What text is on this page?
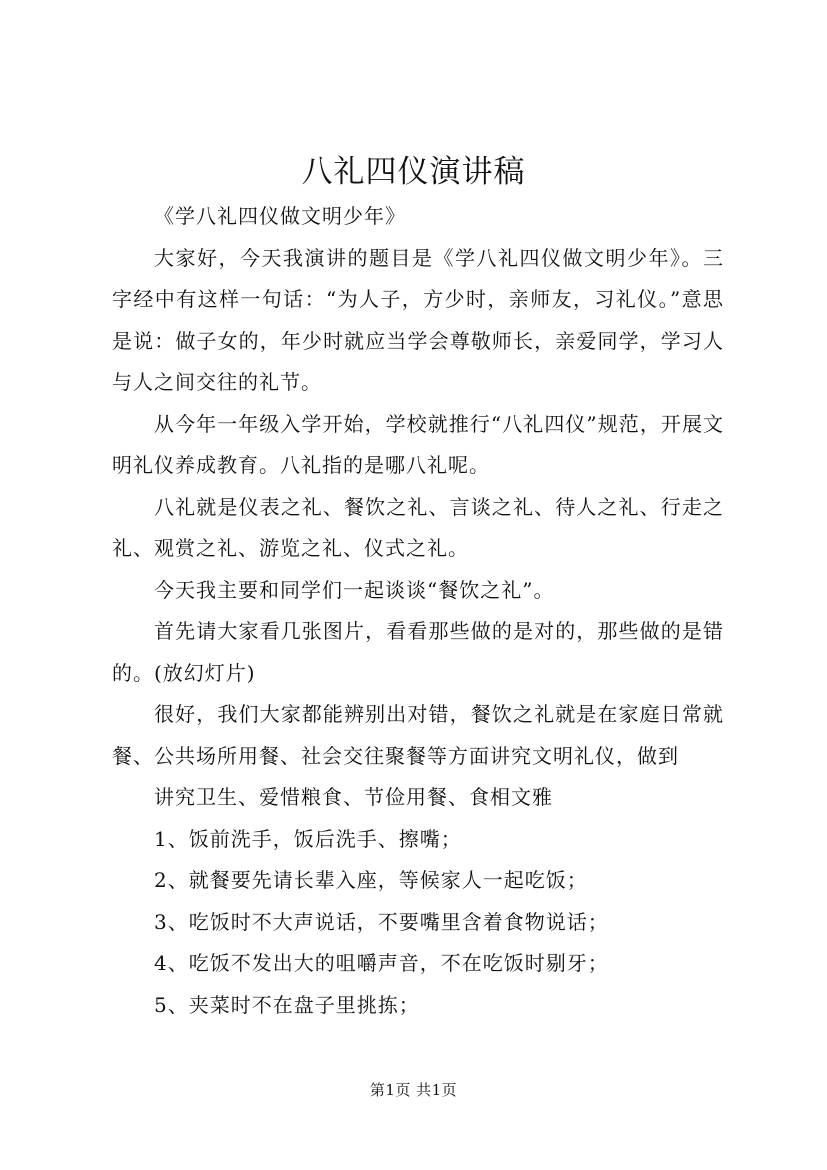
八礼四仪演讲稿

《学八礼四仪做文明少年》

大家好，今天我演讲的题目是《学八礼四仪做文明少年》。三字经中有这样一句话：“为人子，方少时，亲师友，习礼仪。”意思是说：做子女的，年少时就应当学会尊敬师长，亲爱同学，学习人与人之间交往的礼节。

从今年一年级入学开始，学校就推行“八礼四仪”规范，开展文明礼仪养成教育。八礼指的是哪八礼呢。

八礼就是仪表之礼、餐饮之礼、言谈之礼、待人之礼、行走之礼、观赏之礼、游览之礼、仪式之礼。

今天我主要和同学们一起谈谈“餐饮之礼”。

首先请大家看几张图片，看看那些做的是对的，那些做的是错的。(放幻灯片)

很好，我们大家都能辨别出对错，餐饮之礼就是在家庭日常就餐、公共场所用餐、社会交往聚餐等方面讲究文明礼仪，做到

讲究卫生、爱惜粮食、节俭用餐、食相文雅

1、饭前洗手，饭后洗手、擦嘴；

2、就餐要先请长辈入座，等候家人一起吃饭；

3、吃饭时不大声说话，不要嘴里含着食物说话；

4、吃饭不发出大的咀嚼声音，不在吃饭时剔牙；

5、夹菜时不在盘子里挑拣；

第1页 共1页
